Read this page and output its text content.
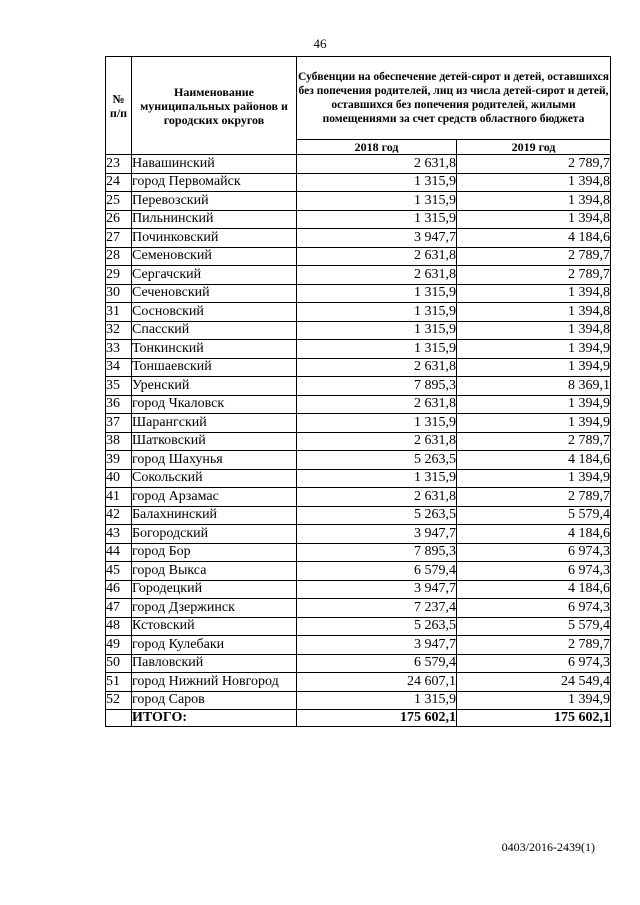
46
№ п/п	Наименование муниципальных районов и городских округов	Субвенции на обеспечение детей-сирот и детей, оставшихся без попечения родителей, лиц из числа детей-сирот и детей, оставшихся без попечения родителей, жилыми помещениями за счет средств областного бюджета	
		2018 год	2019 год
23	Навашинский	2 631,8	2 789,7
24	город Первомайск	1 315,9	1 394,8
25	Перевозский	1 315,9	1 394,8
26	Пильнинский	1 315,9	1 394,8
27	Починковский	3 947,7	4 184,6
28	Семеновский	2 631,8	2 789,7
29	Сергачский	2 631,8	2 789,7
30	Сеченовский	1 315,9	1 394,8
31	Сосновский	1 315,9	1 394,8
32	Спасский	1 315,9	1 394,8
33	Тонкинский	1 315,9	1 394,9
34	Тоншаевский	2 631,8	1 394,9
35	Уренский	7 895,3	8 369,1
36	город Чкаловск	2 631,8	1 394,9
37	Шарангский	1 315,9	1 394,9
38	Шатковский	2 631,8	2 789,7
39	город Шахунья	5 263,5	4 184,6
40	Сокольский	1 315,9	1 394,9
41	город Арзамас	2 631,8	2 789,7
42	Балахнинский	5 263,5	5 579,4
43	Богородский	3 947,7	4 184,6
44	город Бор	7 895,3	6 974,3
45	город Выкса	6 579,4	6 974,3
46	Городецкий	3 947,7	4 184,6
47	город Дзержинск	7 237,4	6 974,3
48	Кстовский	5 263,5	5 579,4
49	город Кулебаки	3 947,7	2 789,7
50	Павловский	6 579,4	6 974,3
51	город Нижний Новгород	24 607,1	24 549,4
52	город Саров	1 315,9	1 394,9
	ИТОГО:	175 602,1	175 602,1
0403/2016-2439(1)
